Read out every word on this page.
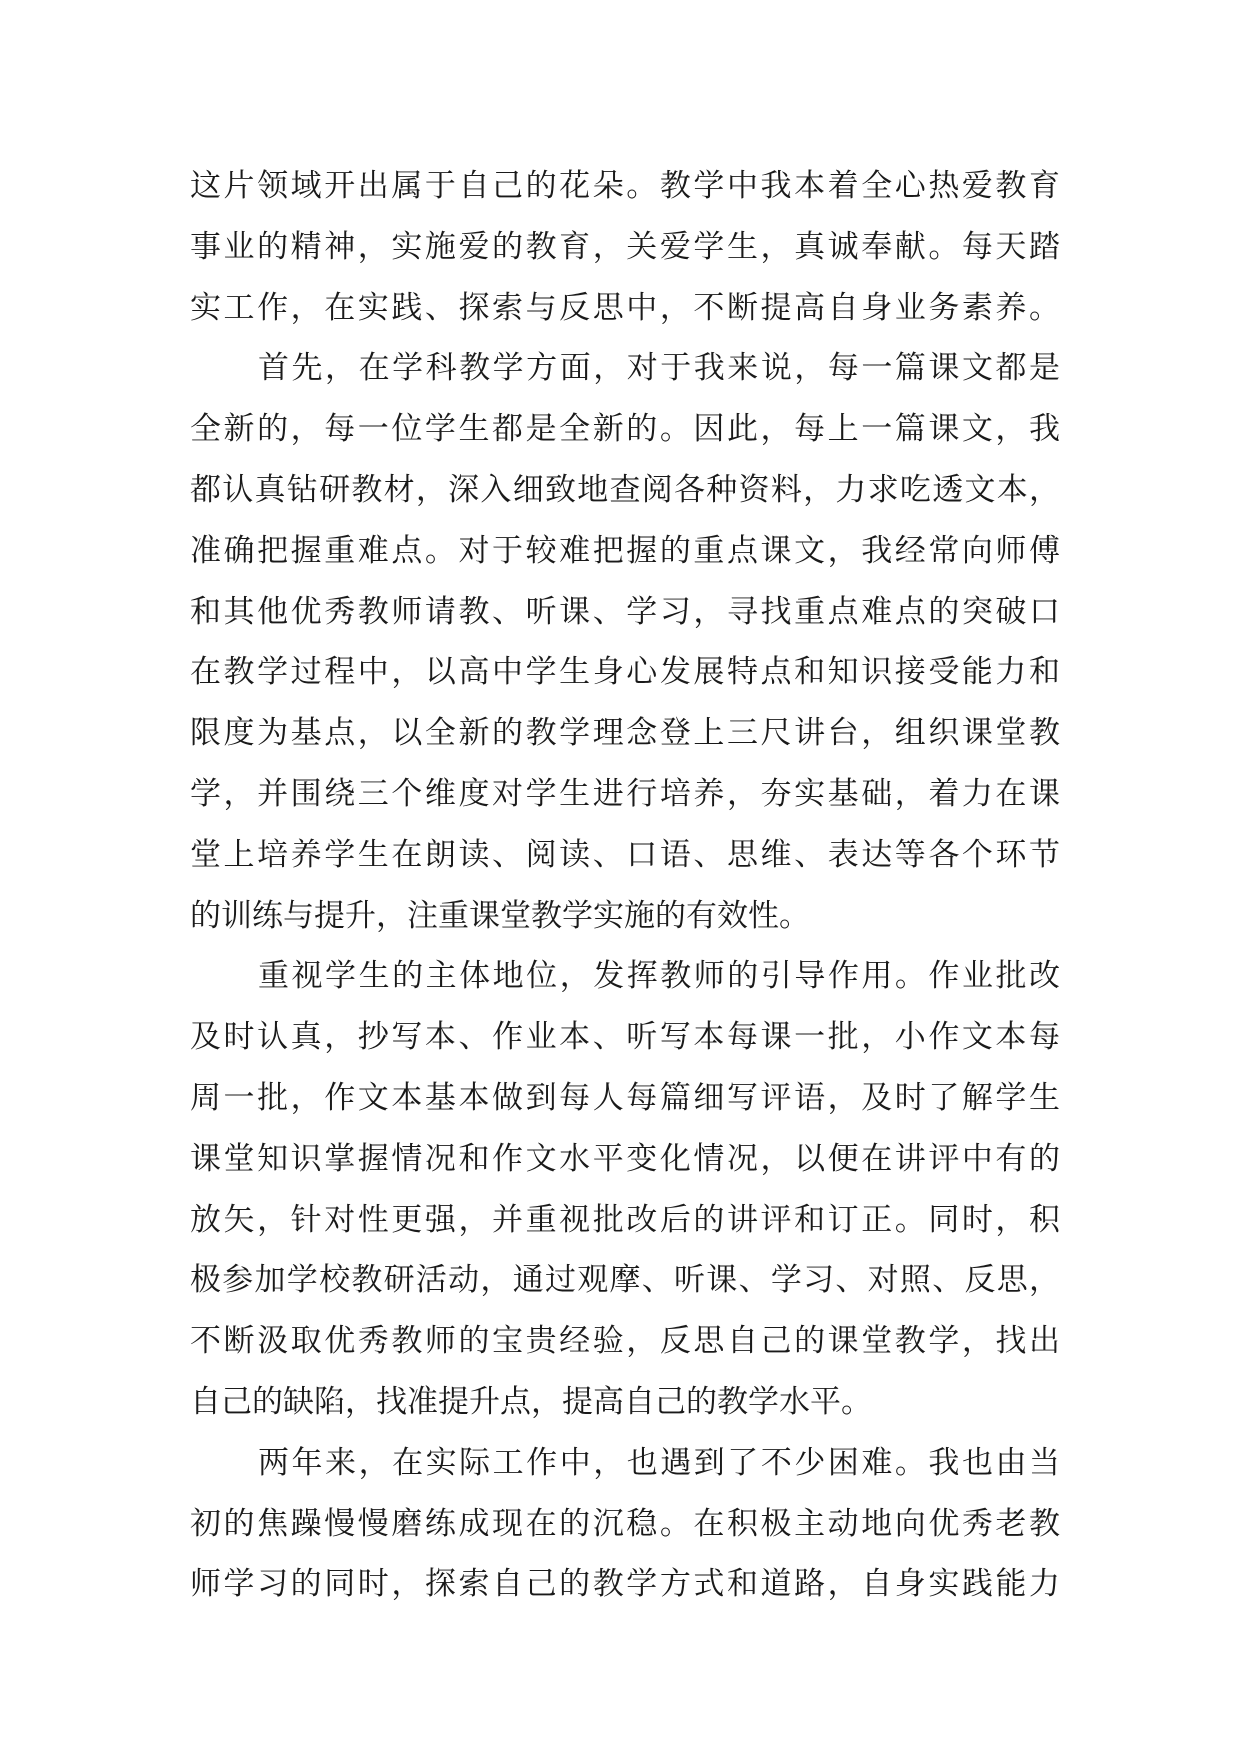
这片领域开出属于自己的花朵。教学中我本着全心热爱教育
事业的精神，实施爱的教育，关爱学生，真诚奉献。每天踏
实工作，在实践、探索与反思中，不断提高自身业务素养。
首先，在学科教学方面，对于我来说，每一篇课文都是
全新的，每一位学生都是全新的。因此，每上一篇课文，我
都认真钻研教材，深入细致地查阅各种资料，力求吃透文本，
准确把握重难点。对于较难把握的重点课文，我经常向师傅
和其他优秀教师请教、听课、学习，寻找重点难点的突破口
在教学过程中，以高中学生身心发展特点和知识接受能力和
限度为基点，以全新的教学理念登上三尺讲台，组织课堂教
学，并围绕三个维度对学生进行培养，夯实基础，着力在课
堂上培养学生在朗读、阅读、口语、思维、表达等各个环节
的训练与提升，注重课堂教学实施的有效性。
重视学生的主体地位，发挥教师的引导作用。作业批改
及时认真，抄写本、作业本、听写本每课一批，小作文本每
周一批，作文本基本做到每人每篇细写评语，及时了解学生
课堂知识掌握情况和作文水平变化情况，以便在讲评中有的
放矢，针对性更强，并重视批改后的讲评和订正。同时，积
极参加学校教研活动，通过观摩、听课、学习、对照、反思，
不断汲取优秀教师的宝贵经验，反思自己的课堂教学，找出
自己的缺陷，找准提升点，提高自己的教学水平。
两年来，在实际工作中，也遇到了不少困难。我也由当
初的焦躁慢慢磨练成现在的沉稳。在积极主动地向优秀老教
师学习的同时，探索自己的教学方式和道路，自身实践能力
